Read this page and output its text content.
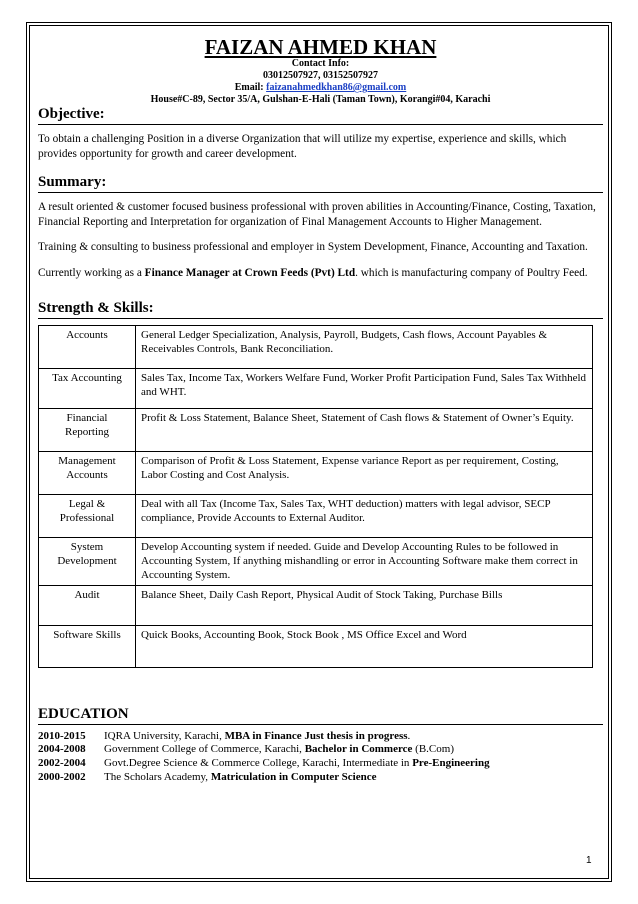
FAIZAN AHMED KHAN
Contact Info:
03012507927, 03152507927
Email: faizanahmedkhan86@gmail.com
House#C-89, Sector 35/A, Gulshan-E-Hali (Taman Town), Korangi#04, Karachi
Objective:

To obtain a challenging Position in a diverse Organization that will utilize my expertise, experience and skills, which provides opportunity for growth and career development.

Summary:

A result oriented & customer focused business professional with proven abilities in Accounting/Finance, Costing, Taxation, Financial Reporting and Interpretation for organization of Final Management Accounts to Higher Management.

Training & consulting to business professional and employer in System Development, Finance, Accounting and Taxation.

Currently working as a Finance Manager at Crown Feeds (Pvt) Ltd. which is manufacturing company of Poultry Feed.

Strength & Skills:
Accounts	General Ledger Specialization, Analysis, Payroll, Budgets, Cash flows, Account Payables & Receivables Controls, Bank Reconciliation.
Tax Accounting	Sales Tax, Income Tax, Workers Welfare Fund, Worker Profit Participation Fund, Sales Tax Withheld and WHT.
Financial Reporting	Profit & Loss Statement, Balance Sheet, Statement of Cash flows & Statement of Owner’s Equity.
Management Accounts	Comparison of Profit & Loss Statement, Expense variance Report as per requirement, Costing, Labor Costing and Cost Analysis.
Legal & Professional	Deal with all Tax (Income Tax, Sales Tax, WHT deduction) matters with legal advisor, SECP compliance, Provide Accounts to External Auditor.
System Development	Develop Accounting system if needed. Guide and Develop Accounting Rules to be followed in Accounting System, If anything mishandling or error in Accounting Software make them correct in Accounting System.
Audit	Balance Sheet, Daily Cash Report, Physical Audit of Stock Taking, Purchase Bills
Software Skills	Quick Books, Accounting Book, Stock Book , MS Office Excel and Word
EDUCATION
2010-2015	IQRA University, Karachi, MBA in Finance Just thesis in progress.
2004-2008	Government College of Commerce, Karachi, Bachelor in Commerce (B.Com)
2002-2004	Govt.Degree Science & Commerce College, Karachi, Intermediate in Pre-Engineering
2000-2002	The Scholars Academy, Matriculation in Computer Science
1
